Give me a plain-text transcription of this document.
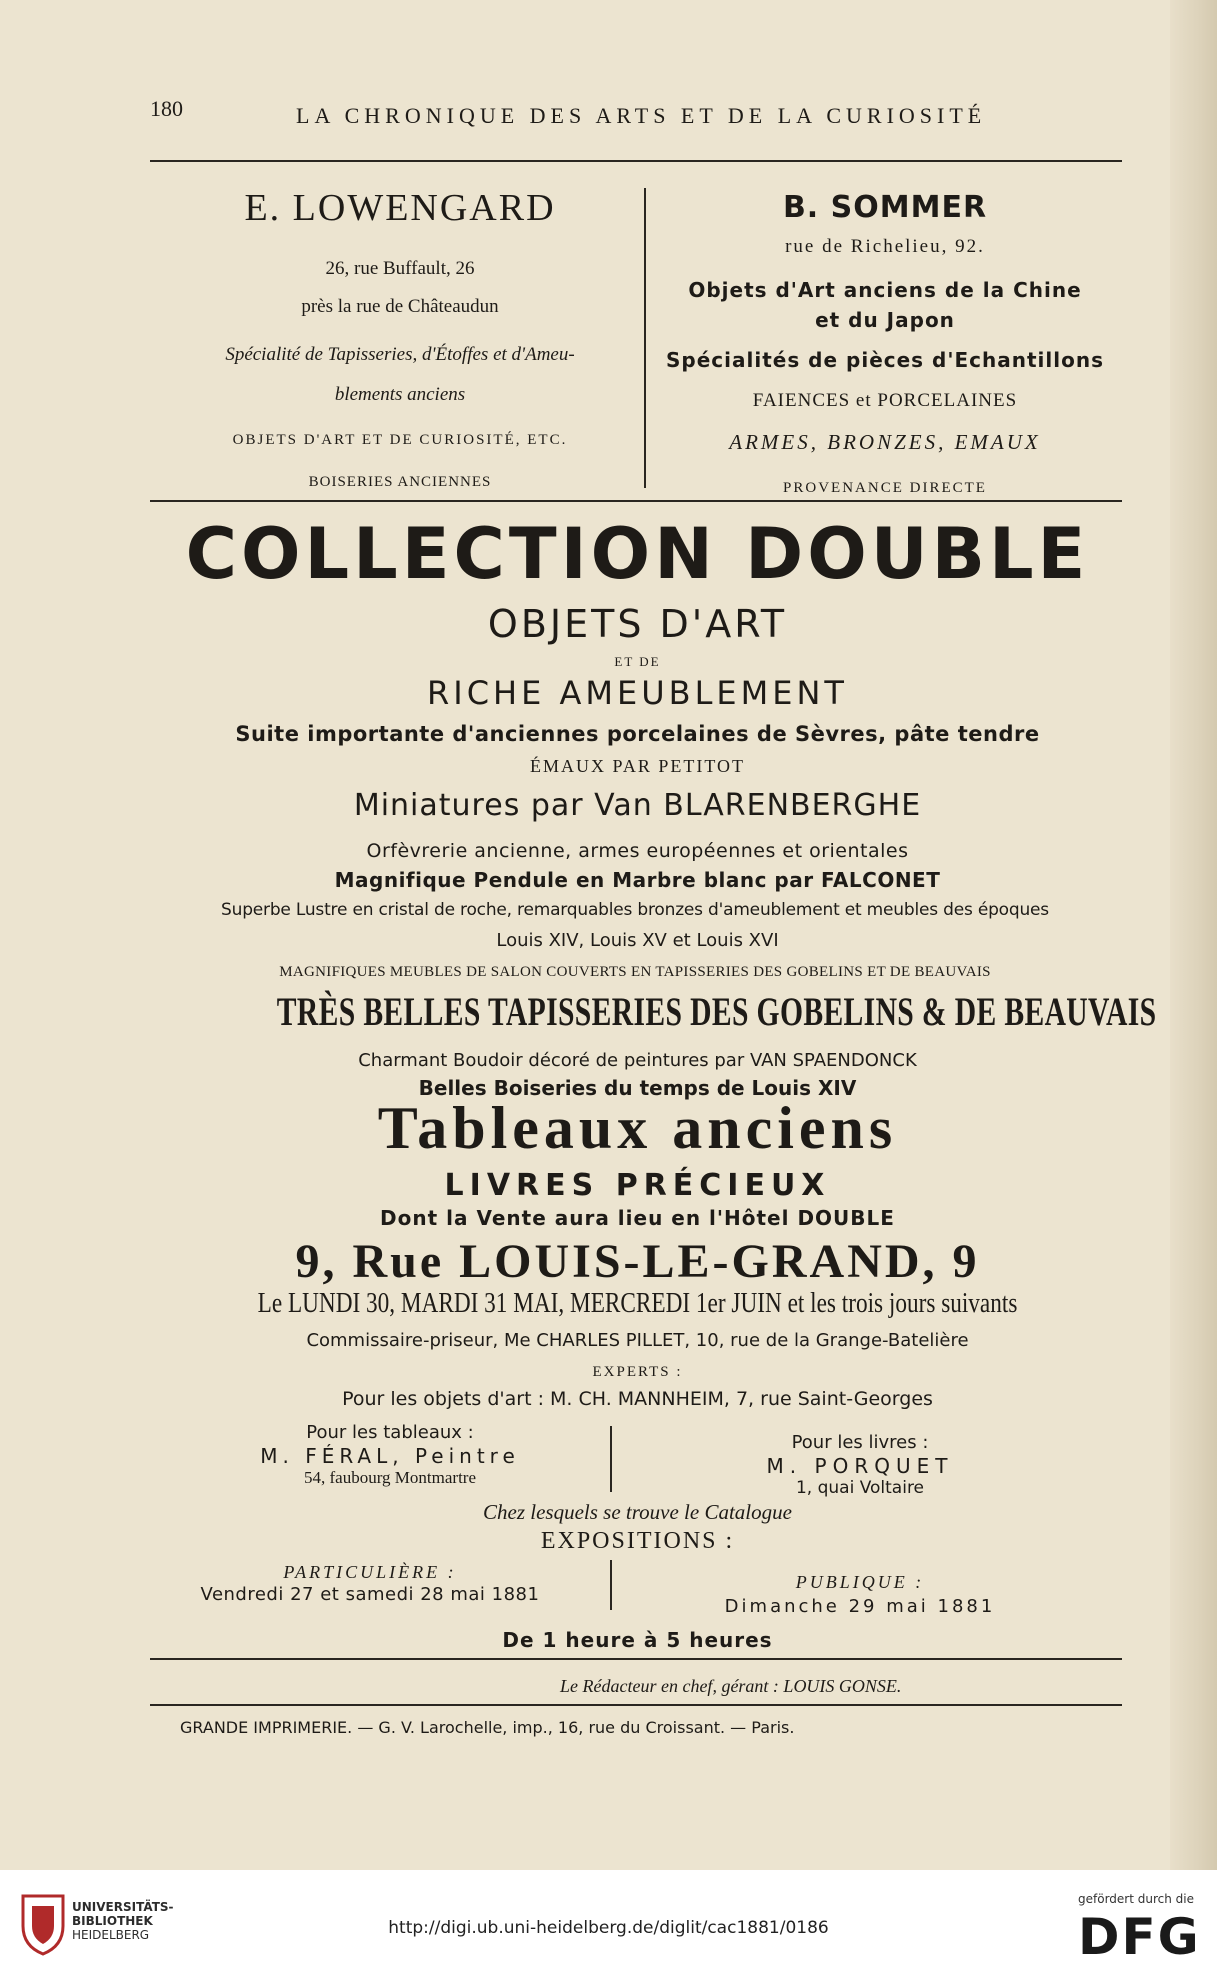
180	LA CHRONIQUE DES ARTS ET DE LA CURIOSITÉ
E. LOWENGARD
26, rue Buffault, 26
près la rue de Châteaudun
Spécialité de Tapisseries, d'Étoffes et d'Ameu-
blements anciens
OBJETS D'ART ET DE CURIOSITÉ, ETC.
BOISERIES ANCIENNES
B. SOMMER
rue de Richelieu, 92.
Objets d'Art anciens de la Chine
et du Japon
Spécialités de pièces d'Echantillons
FAIENCES et PORCELAINES
ARMES, BRONZES, EMAUX
PROVENANCE DIRECTE
COLLECTION DOUBLE
OBJETS D'ART
ET DE
RICHE AMEUBLEMENT
Suite importante d'anciennes porcelaines de Sèvres, pâte tendre
ÉMAUX PAR PETITOT
Miniatures par Van BLARENBERGHE
Orfèvrerie ancienne, armes européennes et orientales
Magnifique Pendule en Marbre blanc par FALCONET
Superbe Lustre en cristal de roche, remarquables bronzes d'ameublement et meubles des époques
Louis XIV, Louis XV et Louis XVI
MAGNIFIQUES MEUBLES DE SALON COUVERTS EN TAPISSERIES DES GOBELINS ET DE BEAUVAIS
TRÈS BELLES TAPISSERIES DES GOBELINS & DE BEAUVAIS
Charmant Boudoir décoré de peintures par VAN SPAENDONCK
Belles Boiseries du temps de Louis XIV
Tableaux anciens
LIVRES PRÉCIEUX
Dont la Vente aura lieu en l'Hôtel DOUBLE
9, Rue LOUIS-LE-GRAND, 9
Le LUNDI 30, MARDI 31 MAI, MERCREDI 1er JUIN et les trois jours suivants
Commissaire-priseur, Me CHARLES PILLET, 10, rue de la Grange-Batelière
EXPERTS :
Pour les objets d'art : M. CH. MANNHEIM, 7, rue Saint-Georges
Pour les tableaux :
M. FÉRAL, Peintre
54, faubourg Montmartre
Pour les livres :
M. PORQUET
1, quai Voltaire
Chez lesquels se trouve le Catalogue
EXPOSITIONS :
PARTICULIÈRE :
Vendredi 27 et samedi 28 mai 1881
PUBLIQUE :
Dimanche 29 mai 1881
De 1 heure à 5 heures
Le Rédacteur en chef, gérant : LOUIS GONSE.
GRANDE IMPRIMERIE. — G. V. Larochelle, imp., 16, rue du Croissant. — Paris.
UNIVERSITÄTS-
BIBLIOTHEK
HEIDELBERG	http://digi.ub.uni-heidelberg.de/diglit/cac1881/0186
gefördert durch die
DFG
